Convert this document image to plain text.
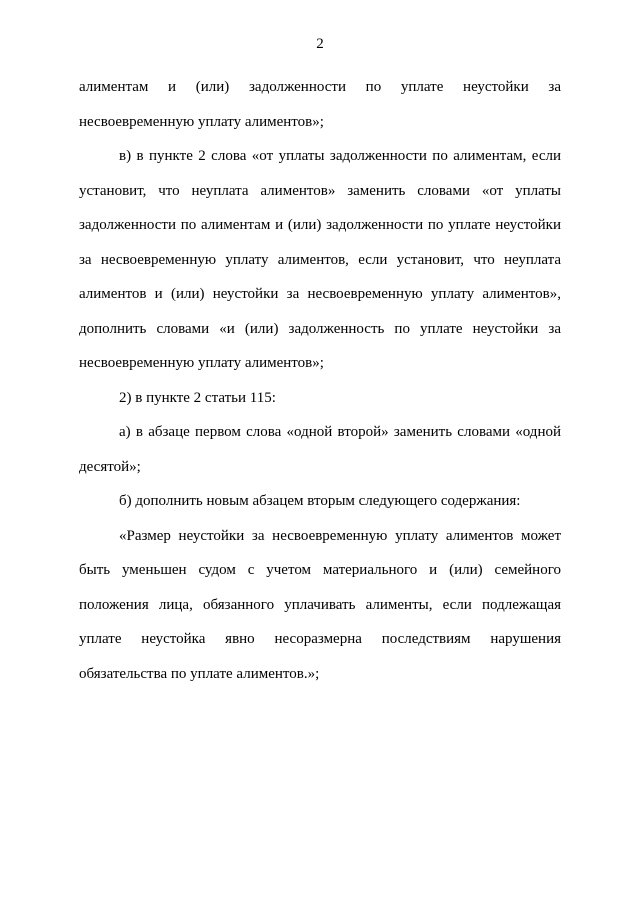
2

алиментам и (или) задолженности по уплате неустойки за

несвоевременную уплату алиментов»;

в) в пункте 2 слова «от уплаты задолженности по алиментам, если установит, что неуплата алиментов» заменить словами «от уплаты задолженности по алиментам и (или) задолженности по уплате неустойки за несвоевременную уплату алиментов, если установит, что неуплата алиментов и (или) неустойки за несвоевременную уплату алиментов», дополнить словами «и (или) задолженность по уплате неустойки за несвоевременную уплату алиментов»;

2) в пункте 2 статьи 115:

а) в абзаце первом слова «одной второй» заменить словами «одной десятой»;

б) дополнить новым абзацем вторым следующего содержания:

«Размер неустойки за несвоевременную уплату алиментов может быть уменьшен судом с учетом материального и (или) семейного положения лица, обязанного уплачивать алименты, если подлежащая уплате неустойка явно несоразмерна последствиям нарушения обязательства по уплате алиментов.»;
